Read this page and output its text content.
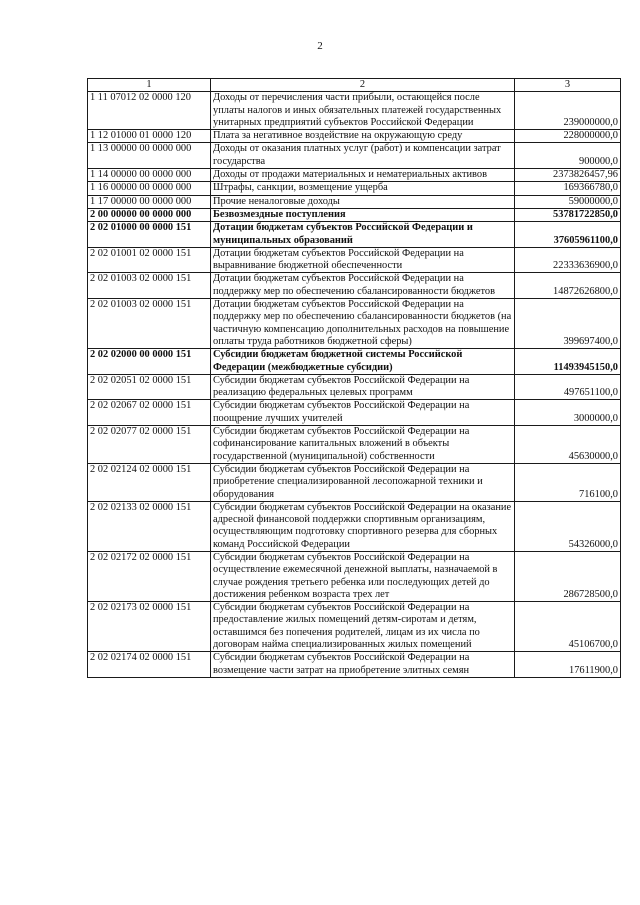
2
1	2	3
1 11 07012 02 0000 120	Доходы от перечисления части прибыли, остающейся после уплаты налогов и иных обязательных платежей государственных унитарных предприятий субъектов Российской Федерации	239000000,0
1 12 01000 01 0000 120	Плата за негативное воздействие на окружающую среду	228000000,0
1 13 00000 00 0000 000	Доходы от оказания платных услуг (работ) и компенсации затрат государства	900000,0
1 14 00000 00 0000 000	Доходы от продажи материальных и нематериальных активов	2373826457,96
1 16 00000 00 0000 000	Штрафы, санкции, возмещение ущерба	169366780,0
1 17 00000 00 0000 000	Прочие неналоговые доходы	59000000,0
2 00 00000 00 0000 000	Безвозмездные поступления	53781722850,0
2 02 01000 00 0000 151	Дотации бюджетам субъектов Российской Федерации и муниципальных образований	37605961100,0
2 02 01001 02 0000 151	Дотации бюджетам субъектов Российской Федерации на выравнивание бюджетной обеспеченности	22333636900,0
2 02 01003 02 0000 151	Дотации бюджетам субъектов Российской Федерации на поддержку мер по обеспечению сбалансированности бюджетов	14872626800,0
2 02 01003 02 0000 151	Дотации бюджетам субъектов Российской Федерации на поддержку мер по обеспечению сбалансированности бюджетов (на частичную компенсацию дополнительных расходов на повышение оплаты труда работников бюджетной сферы)	399697400,0
2 02 02000 00 0000 151	Субсидии бюджетам бюджетной системы Российской Федерации (межбюджетные субсидии)	11493945150,0
2 02 02051 02 0000 151	Субсидии бюджетам субъектов Российской Федерации на реализацию федеральных целевых программ	497651100,0
2 02 02067 02 0000 151	Субсидии бюджетам субъектов Российской Федерации на поощрение лучших учителей	3000000,0
2 02 02077 02 0000 151	Субсидии бюджетам субъектов Российской Федерации на софинансирование капитальных вложений в объекты государственной (муниципальной) собственности	45630000,0
2 02 02124 02 0000 151	Субсидии бюджетам субъектов Российской Федерации на приобретение специализированной лесопожарной техники и оборудования	716100,0
2 02 02133 02 0000 151	Субсидии бюджетам субъектов Российской Федерации на оказание адресной финансовой поддержки спортивным организациям, осуществляющим подготовку спортивного резерва для сборных команд Российской Федерации	54326000,0
2 02 02172 02 0000 151	Субсидии бюджетам субъектов Российской Федерации на осуществление ежемесячной денежной выплаты, назначаемой в случае рождения третьего ребенка или последующих детей до достижения ребенком возраста трех лет	286728500,0
2 02 02173 02 0000 151	Субсидии бюджетам субъектов Российской Федерации на предоставление жилых помещений детям-сиротам и детям, оставшимся без попечения родителей, лицам из их числа по договорам найма специализированных жилых помещений	45106700,0
2 02 02174 02 0000 151	Субсидии бюджетам субъектов Российской Федерации на возмещение части затрат на приобретение элитных семян	17611900,0
